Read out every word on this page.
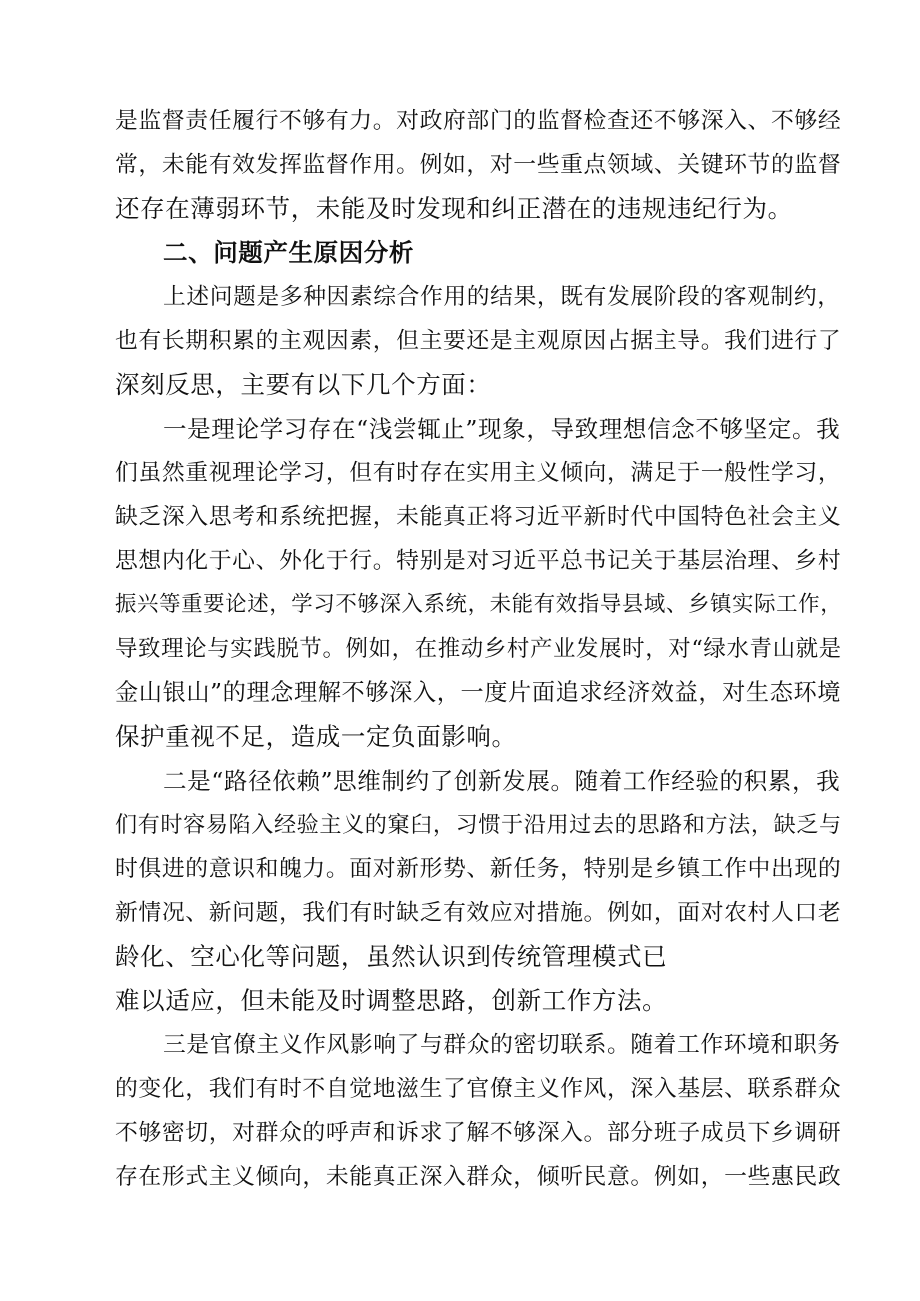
是监督责任履行不够有力。对政府部门的监督检查还不够深入、不够经
常，未能有效发挥监督作用。例如，对一些重点领域、关键环节的监督
还存在薄弱环节，未能及时发现和纠正潜在的违规违纪行为。
二、问题产生原因分析
上述问题是多种因素综合作用的结果，既有发展阶段的客观制约，
也有长期积累的主观因素，但主要还是主观原因占据主导。我们进行了
深刻反思，主要有以下几个方面：
一是理论学习存在“浅尝辄止”现象，导致理想信念不够坚定。我
们虽然重视理论学习，但有时存在实用主义倾向，满足于一般性学习，
缺乏深入思考和系统把握，未能真正将习近平新时代中国特色社会主义
思想内化于心、外化于行。特别是对习近平总书记关于基层治理、乡村
振兴等重要论述，学习不够深入系统，未能有效指导县域、乡镇实际工作，
导致理论与实践脱节。例如，在推动乡村产业发展时，对“绿水青山就是
金山银山”的理念理解不够深入，一度片面追求经济效益，对生态环境
保护重视不足，造成一定负面影响。
二是“路径依赖”思维制约了创新发展。随着工作经验的积累，我
们有时容易陷入经验主义的窠臼，习惯于沿用过去的思路和方法，缺乏与
时俱进的意识和魄力。面对新形势、新任务，特别是乡镇工作中出现的
新情况、新问题，我们有时缺乏有效应对措施。例如，面对农村人口老
龄化、空心化等问题，虽然认识到传统管理模式已
难以适应，但未能及时调整思路，创新工作方法。
三是官僚主义作风影响了与群众的密切联系。随着工作环境和职务
的变化，我们有时不自觉地滋生了官僚主义作风，深入基层、联系群众
不够密切，对群众的呼声和诉求了解不够深入。部分班子成员下乡调研
存在形式主义倾向，未能真正深入群众，倾听民意。例如，一些惠民政
